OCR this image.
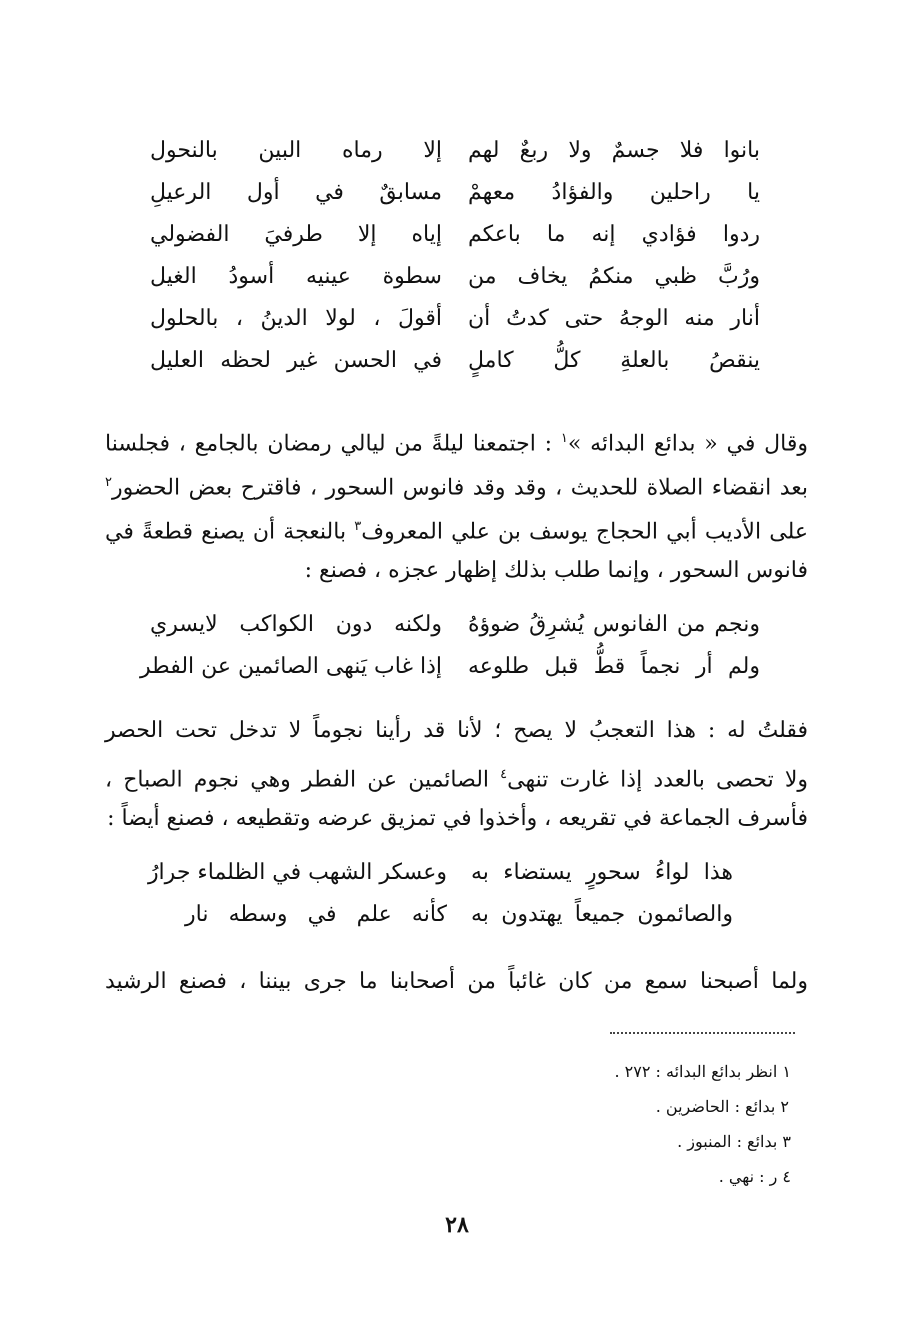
بانوا فلا جسمٌ ولا ربعٌ لهم
إلا رماه البين بالنحول
يا راحلين والفؤادُ معهمْ
مسابقٌ في أول الرعيلِ
ردوا فؤادي إنه ما باعكم
إياه إلا طرفيَ الفضولي
ورُبَّ ظبي منكمُ يخاف من
سطوة عينيه أسودُ الغيل
أنار منه الوجهُ حتى كدتُ أن
أقولَ ، لولا الدينُ ، بالحلول
ينقصُ بالعلةِ كلُّ كاملٍ
في الحسن غير لحظه العليل
وقال في « بدائع البدائه »$^١$ : اجتمعنا ليلةً من ليالي رمضان بالجامع ، فجلسنا
بعد انقضاء الصلاة للحديث ، وقد وقد فانوس السحور ، فاقترح بعض الحضور$^٢$
على الأديب أبي الحجاج يوسف بن علي المعروف$^٣$ بالنعجة أن يصنع قطعةً في
فانوس السحور ، وإنما طلب بذلك إظهار عجزه ، فصنع :
ونجم من الفانوس يُشرِقُ ضوؤهُ
ولكنه دون الكواكب لايسري
ولم أر نجماً قطُّ قبل طلوعه
إذا غاب يَنهى الصائمين عن الفطر
فقلتُ له : هذا التعجبُ لا يصح ؛ لأنا قد رأينا نجوماً لا تدخل تحت الحصر
ولا تحصى بالعدد إذا غارت تنهى$^٤$ الصائمين عن الفطر وهي نجوم الصباح ،
فأسرف الجماعة في تقريعه ، وأخذوا في تمزيق عرضه وتقطيعه ، فصنع أيضاً :
هذا لواءُ سحورٍ يستضاء به
وعسكر الشهب في الظلماء جرارُ
والصائمون جميعاً يهتدون به
كأنه علم في وسطه نار
ولما أصبحنا سمع من كان غائباً من أصحابنا ما جرى بيننا ، فصنع الرشيد
١ انظر بدائع البدائه : ٢٧٢ .
٢ بدائع : الحاضرين .
٣ بدائع : المنبوز .
٤ ر : نهي .
٢٨
